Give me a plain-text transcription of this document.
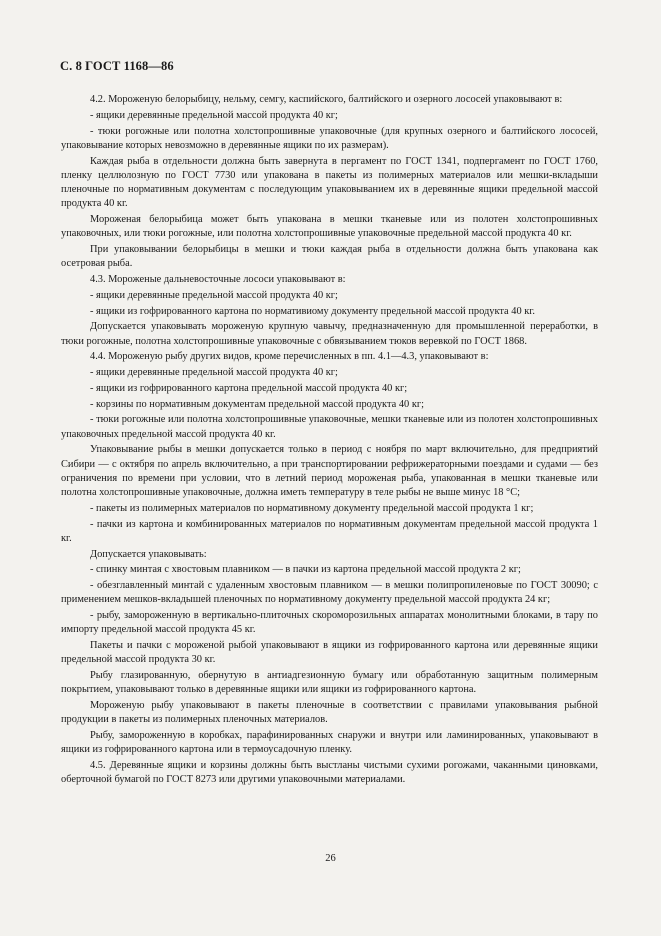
С. 8 ГОСТ 1168—86

4.2. Мороженую белорыбицу, нельму, семгу, каспийского, балтийского и озерного лососей упаковывают в:

- ящики деревянные предельной массой продукта 40 кг;

- тюки рогожные или полотна холстопрошивные упаковочные (для крупных озерного и балтийского лососей, упаковывание которых невозможно в деревянные ящики по их размерам).

Каждая рыба в отдельности должна быть завернута в пергамент по ГОСТ 1341, подпергамент по ГОСТ 1760, пленку целлюлозную по ГОСТ 7730 или упакована в пакеты из полимерных материалов или мешки-вкладыши пленочные по нормативным документам с последующим упаковыванием их в деревянные ящики предельной массой продукта 40 кг.

Мороженая белорыбица может быть упакована в мешки тканевые или из полотен холстопрошивных упаковочных, или тюки рогожные, или полотна холстопрошивные упаковочные предельной массой продукта 40 кг.

При упаковывании белорыбицы в мешки и тюки каждая рыба в отдельности должна быть упакована как осетровая рыба.

4.3. Мороженые дальневосточные лососи упаковывают в:

- ящики деревянные предельной массой продукта 40 кг;

- ящики из гофрированного картона по нормативиому документу предельной массой продукта 40 кг.

Допускается упаковывать мороженую крупную чавычу, предназначенную для промышленной переработки, в тюки рогожные, полотна холстопрошивные упаковочные с обвязыванием тюков веревкой по ГОСТ 1868.

4.4. Мороженую рыбу других видов, кроме перечисленных в пп. 4.1—4.3, упаковывают в:

- ящики деревянные предельной массой продукта 40 кг;

- ящики из гофрированного картона предельной массой продукта 40 кг;

- корзины по нормативным документам предельной массой продукта 40 кг;

- тюки рогожные или полотна холстопрошивные упаковочные, мешки тканевые или из полотен холстопрошивных упаковочных предельной массой продукта 40 кг.

Упаковывание рыбы в мешки допускается только в период с ноября по март включительно, для предприятий Сибири — с октября по апрель включительно, а при транспортировании рефрижераторными поездами и судами — без ограничения по времени при условии, что в летний период мороженая рыба, упакованная в мешки тканевые или полотна холстопрошивные упаковочные, должна иметь температуру в теле рыбы не выше минус 18 °С;

- пакеты из полимерных материалов по нормативному документу предельной массой продукта 1 кг;

- пачки из картона и комбинированных материалов по нормативным документам предельной массой продукта 1 кг.

Допускается упаковывать:

- спинку минтая с хвостовым плавником — в пачки из картона предельной массой продукта 2 кг;

- обезглавленный минтай с удаленным хвостовым плавником — в мешки полипропиленовые по ГОСТ 30090; с применением мешков-вкладышей пленочных по нормативному документу предельной массой продукта 24 кг;

- рыбу, замороженную в вертикально-плиточных скороморозильных аппаратах монолитными блоками, в тару по импорту предельной массой продукта 45 кг.

Пакеты и пачки с мороженой рыбой упаковывают в ящики из гофрированного картона или деревянные ящики предельной массой продукта 30 кг.

Рыбу глазированную, обернутую в антиадгезионную бумагу или обработанную защитным полимерным покрытием, упаковывают только в деревянные ящики или ящики из гофрированного картона.

Мороженую рыбу упаковывают в пакеты пленочные в соответствии с правилами упаковывания рыбной продукции в пакеты из полимерных пленочных материалов.

Рыбу, замороженную в коробках, парафинированных снаружи и внутри или ламинированных, упаковывают в ящики из гофрированного картона или в термоусадочную пленку.

4.5. Деревянные ящики и корзины должны быть выстланы чистыми сухими рогожами, чаканными циновками, оберточной бумагой по ГОСТ 8273 или другими упаковочными материалами.

26
